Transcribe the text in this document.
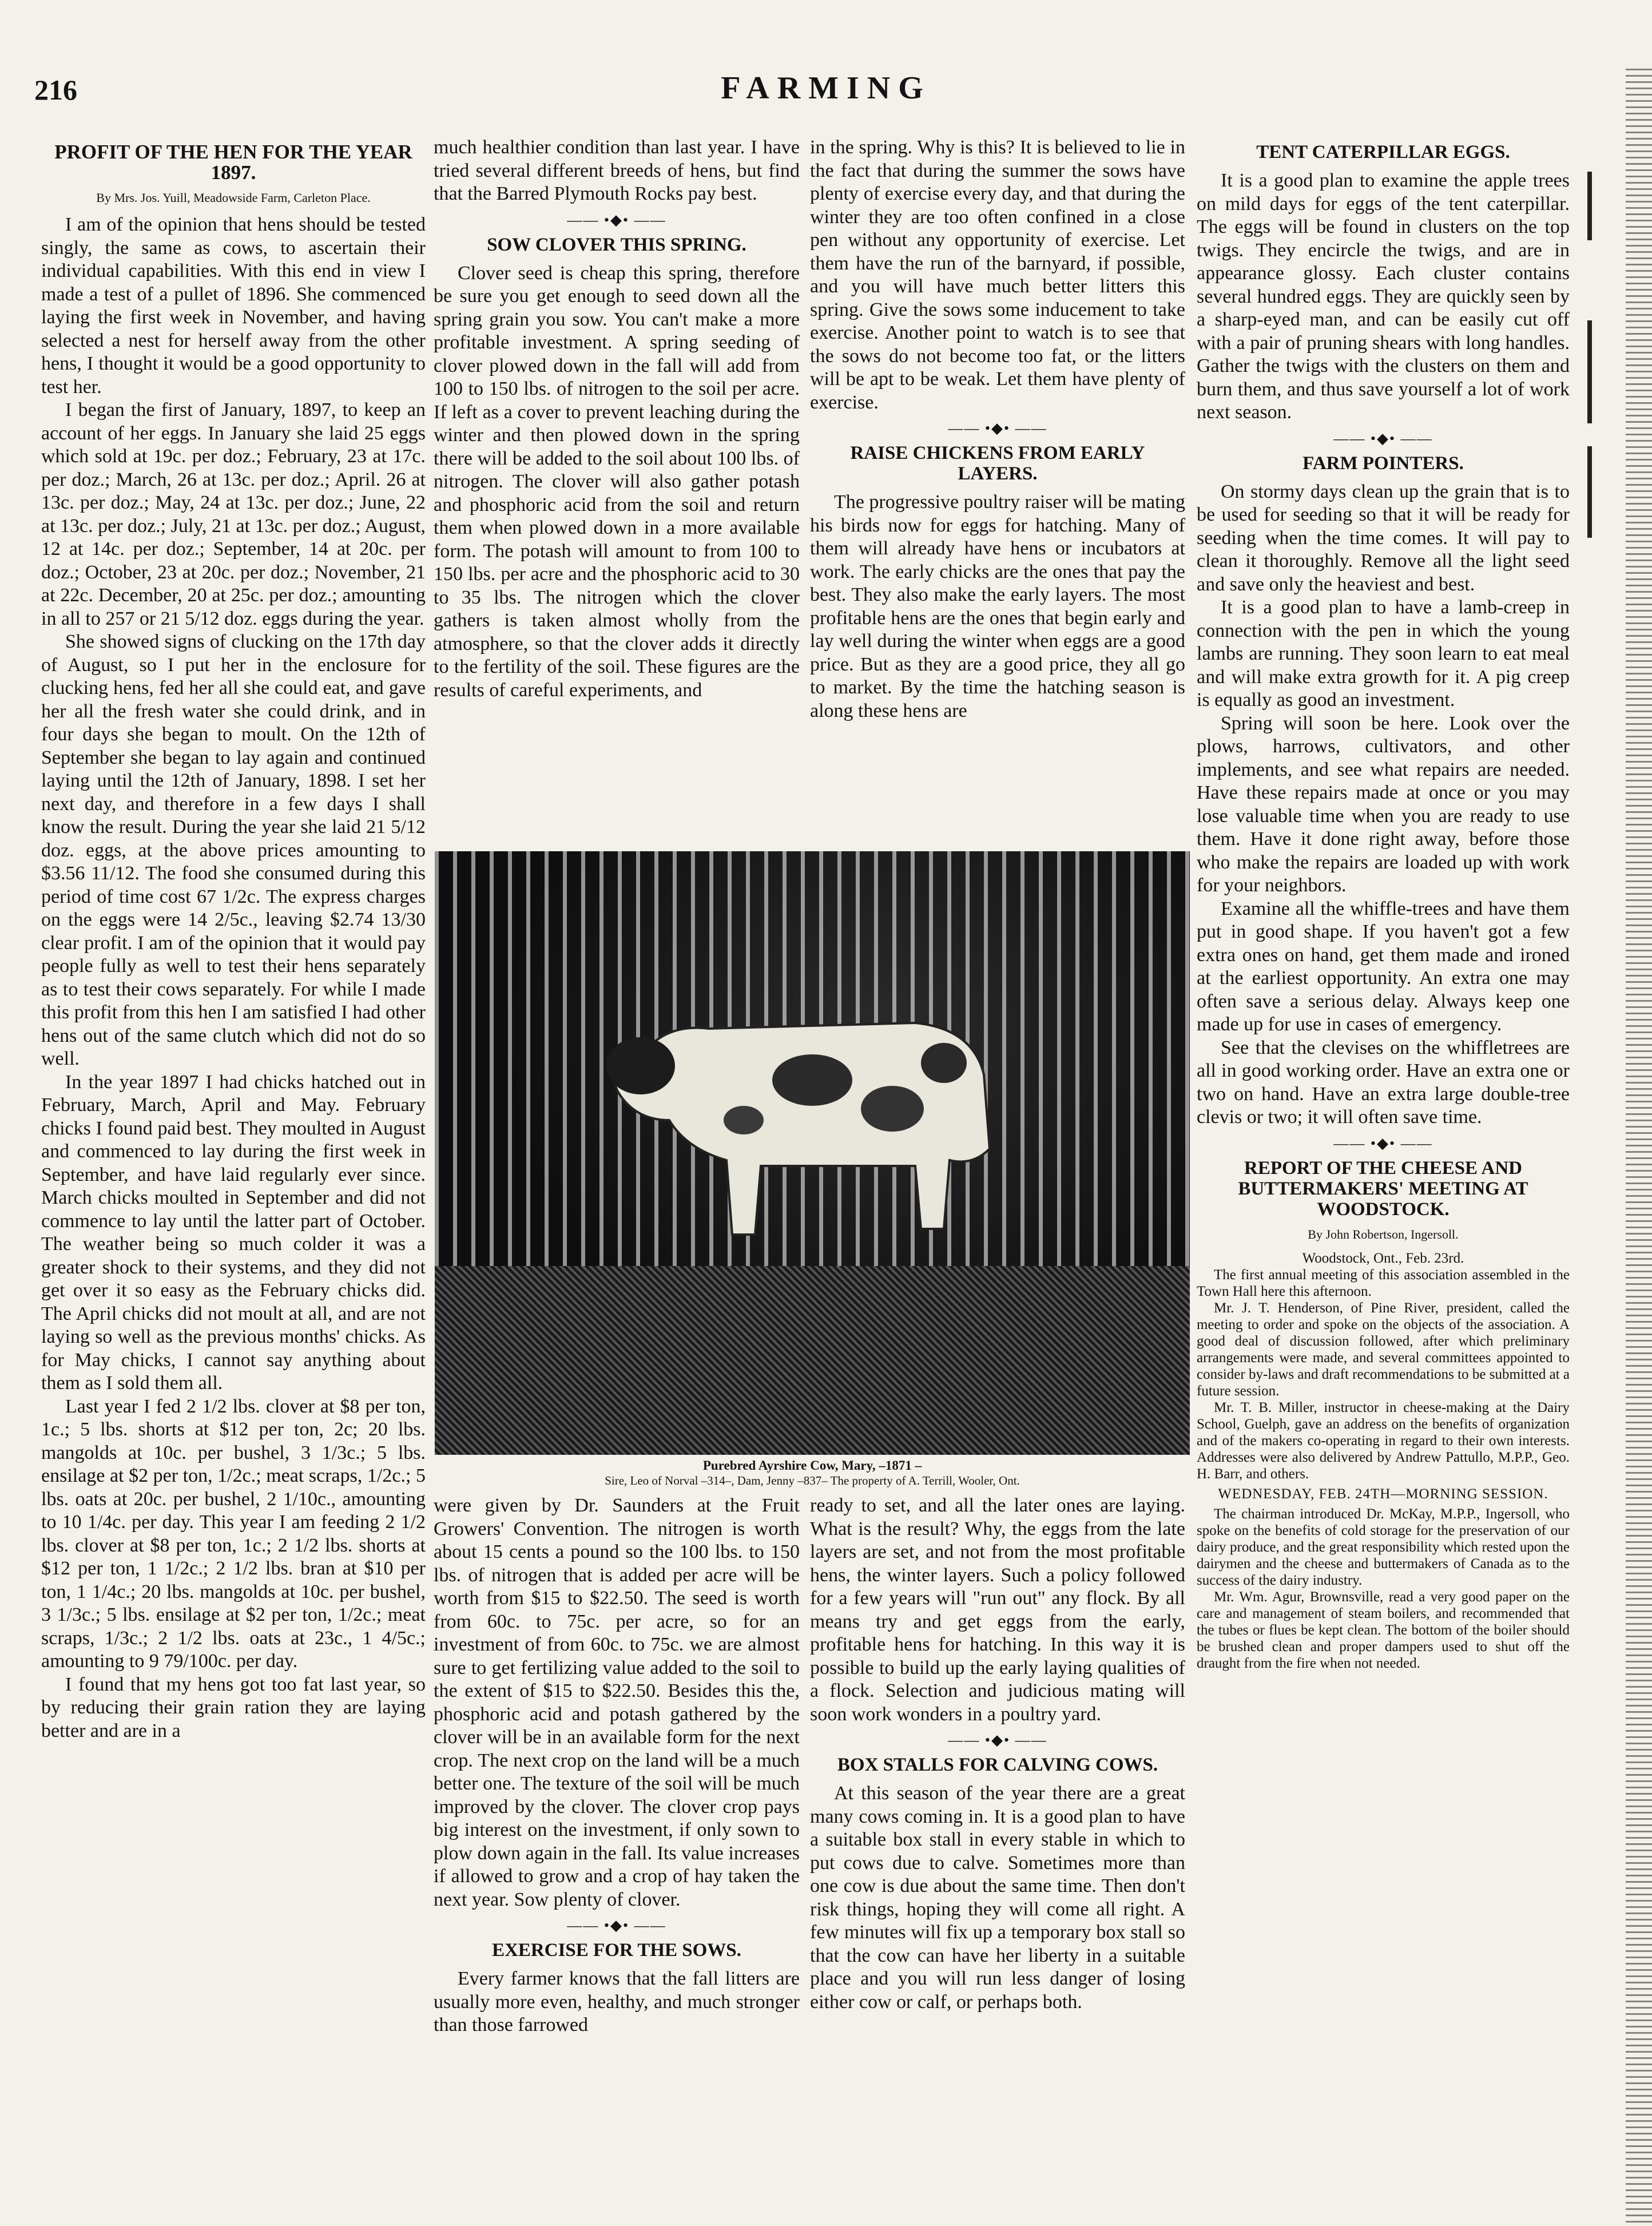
216	FARMING
PROFIT OF THE HEN FOR THE YEAR 1897.
By Mrs. Jos. Yuill, Meadowside Farm, Carleton Place.

I am of the opinion that hens should be tested singly, the same as cows, to ascertain their individual capabilities. With this end in view I made a test of a pullet of 1896. She commenced laying the first week in November, and having selected a nest for herself away from the other hens, I thought it would be a good opportunity to test her.

I began the first of January, 1897, to keep an account of her eggs. In January she laid 25 eggs which sold at 19c. per doz.; February, 23 at 17c. per doz.; March, 26 at 13c. per doz.; April. 26 at 13c. per doz.; May, 24 at 13c. per doz.; June, 22 at 13c. per doz.; July, 21 at 13c. per doz.; August, 12 at 14c. per doz.; September, 14 at 20c. per doz.; October, 23 at 20c. per doz.; November, 21 at 22c. December, 20 at 25c. per doz.; amounting in all to 257 or 21 5/12 doz. eggs during the year.

She showed signs of clucking on the 17th day of August, so I put her in the enclosure for clucking hens, fed her all she could eat, and gave her all the fresh water she could drink, and in four days she began to moult. On the 12th of September she began to lay again and continued laying until the 12th of January, 1898. I set her next day, and therefore in a few days I shall know the result. During the year she laid 21 5/12 doz. eggs, at the above prices amounting to $3.56 11/12. The food she consumed during this period of time cost 67 1/2c. The express charges on the eggs were 14 2/5c., leaving $2.74 13/30 clear profit. I am of the opinion that it would pay people fully as well to test their hens separately as to test their cows separately. For while I made this profit from this hen I am satisfied I had other hens out of the same clutch which did not do so well.

In the year 1897 I had chicks hatched out in February, March, April and May. February chicks I found paid best. They moulted in August and commenced to lay during the first week in September, and have laid regularly ever since. March chicks moulted in September and did not commence to lay until the latter part of October. The weather being so much colder it was a greater shock to their systems, and they did not get over it so easy as the February chicks did. The April chicks did not moult at all, and are not laying so well as the previous months' chicks. As for May chicks, I cannot say anything about them as I sold them all.

Last year I fed 2 1/2 lbs. clover at $8 per ton, 1c.; 5 lbs. shorts at $12 per ton, 2c; 20 lbs. mangolds at 10c. per bushel, 3 1/3c.; 5 lbs. ensilage at $2 per ton, 1/2c.; meat scraps, 1/2c.; 5 lbs. oats at 20c. per bushel, 2 1/10c., amounting to 10 1/4c. per day. This year I am feeding 2 1/2 lbs. clover at $8 per ton, 1c.; 2 1/2 lbs. shorts at $12 per ton, 1 1/2c.; 2 1/2 lbs. bran at $10 per ton, 1 1/4c.; 20 lbs. mangolds at 10c. per bushel, 3 1/3c.; 5 lbs. ensilage at $2 per ton, 1/2c.; meat scraps, 1/3c.; 2 1/2 lbs. oats at 23c., 1 4/5c.; amounting to 9 79/100c. per day.

I found that my hens got too fat last year, so by reducing their grain ration they are laying better and are in a

much healthier condition than last year. I have tried several different breeds of hens, but find that the Barred Plymouth Rocks pay best.

—— •◆• ——
SOW CLOVER THIS SPRING.

Clover seed is cheap this spring, therefore be sure you get enough to seed down all the spring grain you sow. You can't make a more profitable investment. A spring seeding of clover plowed down in the fall will add from 100 to 150 lbs. of nitrogen to the soil per acre. If left as a cover to prevent leaching during the winter and then plowed down in the spring there will be added to the soil about 100 lbs. of nitrogen. The clover will also gather potash and phosphoric acid from the soil and return them when plowed down in a more available form. The potash will amount to from 100 to 150 lbs. per acre and the phosphoric acid to 30 to 35 lbs. The nitrogen which the clover gathers is taken almost wholly from the atmosphere, so that the clover adds it directly to the fertility of the soil. These figures are the results of careful experiments, and

in the spring. Why is this? It is believed to lie in the fact that during the summer the sows have plenty of exercise every day, and that during the winter they are too often confined in a close pen without any opportunity of exercise. Let them have the run of the barnyard, if possible, and you will have much better litters this spring. Give the sows some inducement to take exercise. Another point to watch is to see that the sows do not become too fat, or the litters will be apt to be weak. Let them have plenty of exercise.

—— •◆• ——
RAISE CHICKENS FROM EARLY LAYERS.

The progressive poultry raiser will be mating his birds now for eggs for hatching. Many of them will already have hens or incubators at work. The early chicks are the ones that pay the best. They also make the early layers. The most profitable hens are the ones that begin early and lay well during the winter when eggs are a good price. But as they are a good price, they all go to market. By the time the hatching season is along these hens are

Purebred Ayrshire Cow, Mary, –1871 –
Sire, Leo of Norval –314–, Dam, Jenny –837– The property of A. Terrill, Wooler, Ont.

were given by Dr. Saunders at the Fruit Growers' Convention. The nitrogen is worth about 15 cents a pound so the 100 lbs. to 150 lbs. of nitrogen that is added per acre will be worth from $15 to $22.50. The seed is worth from 60c. to 75c. per acre, so for an investment of from 60c. to 75c. we are almost sure to get fertilizing value added to the soil to the extent of $15 to $22.50. Besides this the, phosphoric acid and potash gathered by the clover will be in an available form for the next crop. The next crop on the land will be a much better one. The texture of the soil will be much improved by the clover. The clover crop pays big interest on the investment, if only sown to plow down again in the fall. Its value increases if allowed to grow and a crop of hay taken the next year. Sow plenty of clover.

—— •◆• ——
EXERCISE FOR THE SOWS.

Every farmer knows that the fall litters are usually more even, healthy, and much stronger than those farrowed

ready to set, and all the later ones are laying. What is the result? Why, the eggs from the late layers are set, and not from the most profitable hens, the winter layers. Such a policy followed for a few years will "run out" any flock. By all means try and get eggs from the early, profitable hens for hatching. In this way it is possible to build up the early laying qualities of a flock. Selection and judicious mating will soon work wonders in a poultry yard.

—— •◆• ——
BOX STALLS FOR CALVING COWS.

At this season of the year there are a great many cows coming in. It is a good plan to have a suitable box stall in every stable in which to put cows due to calve. Sometimes more than one cow is due about the same time. Then don't risk things, hoping they will come all right. A few minutes will fix up a temporary box stall so that the cow can have her liberty in a suitable place and you will run less danger of losing either cow or calf, or perhaps both.

TENT CATERPILLAR EGGS.

It is a good plan to examine the apple trees on mild days for eggs of the tent caterpillar. The eggs will be found in clusters on the top twigs. They encircle the twigs, and are in appearance glossy. Each cluster contains several hundred eggs. They are quickly seen by a sharp-eyed man, and can be easily cut off with a pair of pruning shears with long handles. Gather the twigs with the clusters on them and burn them, and thus save yourself a lot of work next season.

—— •◆• ——
FARM POINTERS.

On stormy days clean up the grain that is to be used for seeding so that it will be ready for seeding when the time comes. It will pay to clean it thoroughly. Remove all the light seed and save only the heaviest and best.

It is a good plan to have a lamb-creep in connection with the pen in which the young lambs are running. They soon learn to eat meal and will make extra growth for it. A pig creep is equally as good an investment.

Spring will soon be here. Look over the plows, harrows, cultivators, and other implements, and see what repairs are needed. Have these repairs made at once or you may lose valuable time when you are ready to use them. Have it done right away, before those who make the repairs are loaded up with work for your neighbors.

Examine all the whiffle-trees and have them put in good shape. If you haven't got a few extra ones on hand, get them made and ironed at the earliest opportunity. An extra one may often save a serious delay. Always keep one made up for use in cases of emergency.

See that the clevises on the whiffletrees are all in good working order. Have an extra one or two on hand. Have an extra large double-tree clevis or two; it will often save time.

—— •◆• ——
REPORT OF THE CHEESE AND BUTTERMAKERS' MEETING AT WOODSTOCK.
By John Robertson, Ingersoll.

Woodstock, Ont., Feb. 23rd.

The first annual meeting of this association assembled in the Town Hall here this afternoon.

Mr. J. T. Henderson, of Pine River, president, called the meeting to order and spoke on the objects of the association. A good deal of discussion followed, after which preliminary arrangements were made, and several committees appointed to consider by-laws and draft recommendations to be submitted at a future session.

Mr. T. B. Miller, instructor in cheese-making at the Dairy School, Guelph, gave an address on the benefits of organization and of the makers co-operating in regard to their own interests. Addresses were also delivered by Andrew Pattullo, M.P.P., Geo. H. Barr, and others.

WEDNESDAY, FEB. 24TH—MORNING SESSION.

The chairman introduced Dr. McKay, M.P.P., Ingersoll, who spoke on the benefits of cold storage for the preservation of our dairy produce, and the great responsibility which rested upon the dairymen and the cheese and buttermakers of Canada as to the success of the dairy industry.

Mr. Wm. Agur, Brownsville, read a very good paper on the care and management of steam boilers, and recommended that the tubes or flues be kept clean. The bottom of the boiler should be brushed clean and proper dampers used to shut off the draught from the fire when not needed.
